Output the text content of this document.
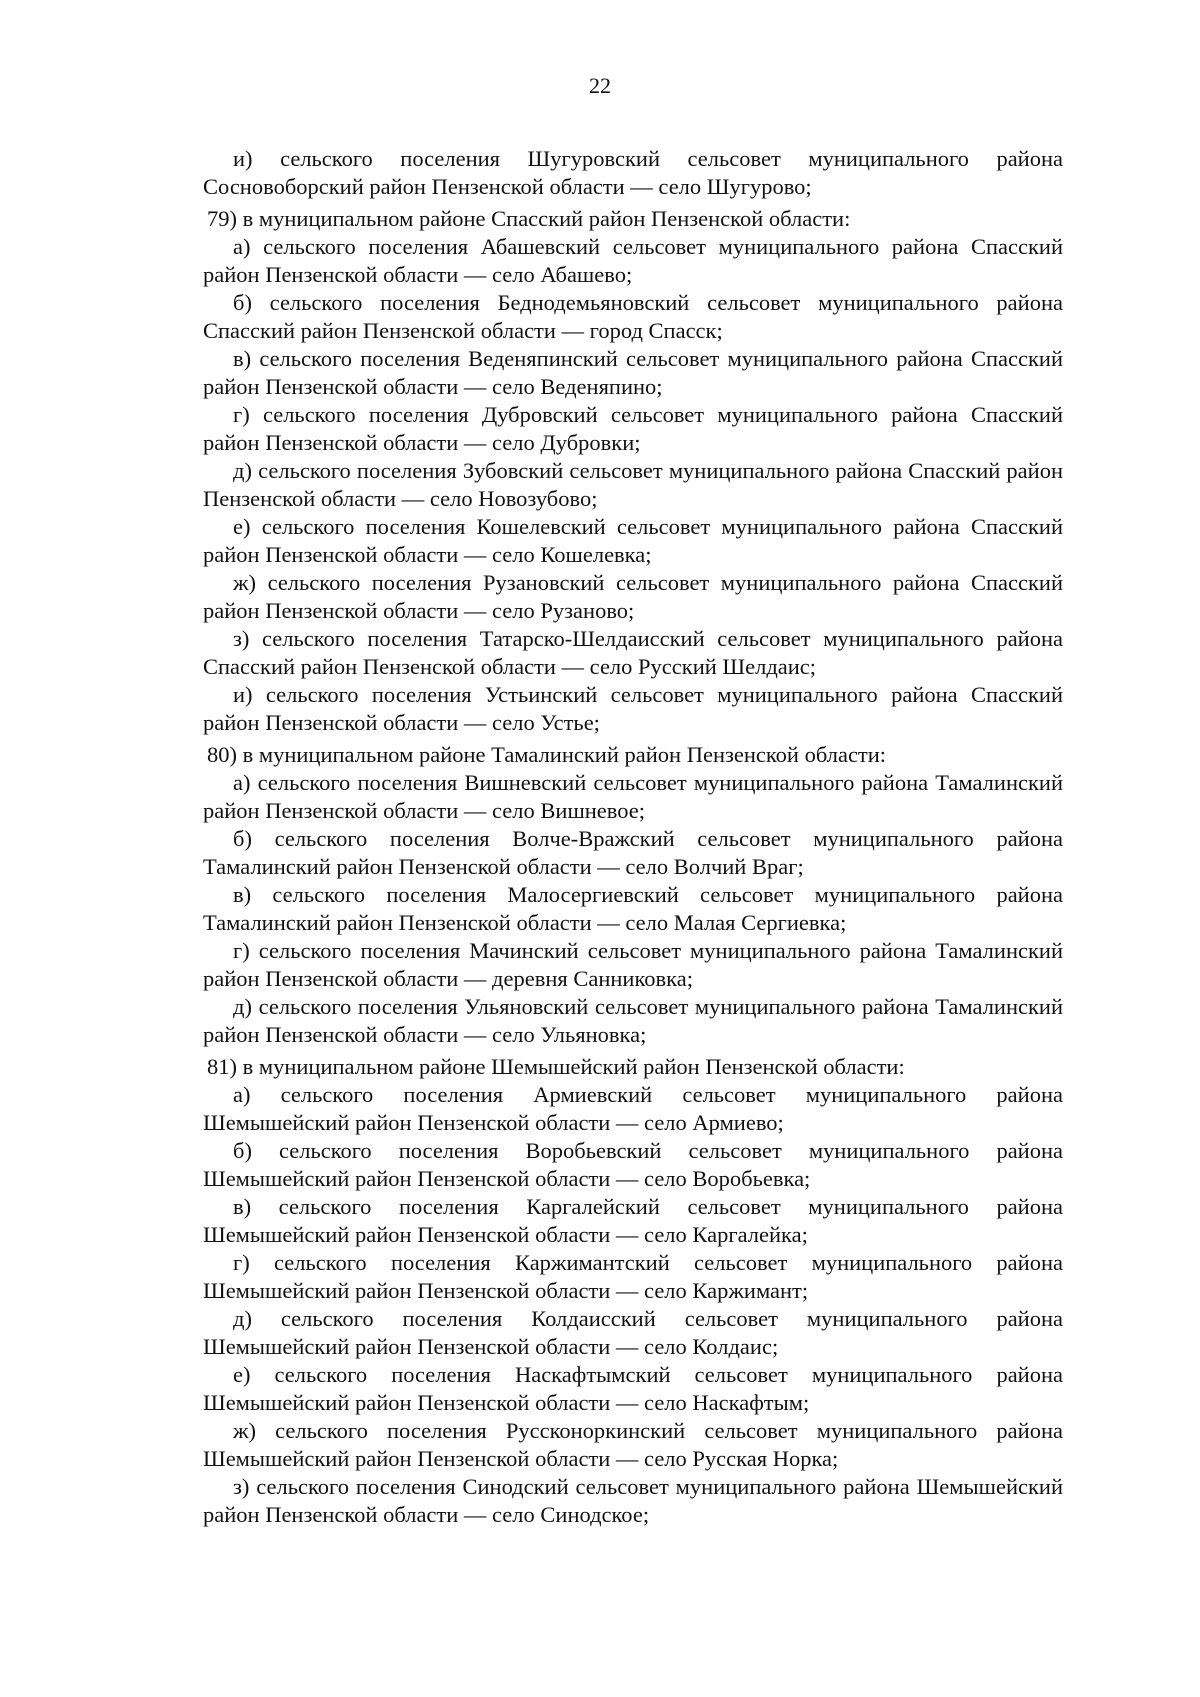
22

и) сельского поселения Шугуровский сельсовет муниципального района Сосновоборский район Пензенской области — село Шугурово;

79) в муниципальном районе Спасский район Пензенской области:

а) сельского поселения Абашевский сельсовет муниципального района Спасский район Пензенской области — село Абашево;

б) сельского поселения Беднодемьяновский сельсовет муниципального района Спасский район Пензенской области — город Спасск;

в) сельского поселения Веденяпинский сельсовет муниципального района Спасский район Пензенской области — село Веденяпино;

г) сельского поселения Дубровский сельсовет муниципального района Спасский район Пензенской области — село Дубровки;

д) сельского поселения Зубовский сельсовет муниципального района Спасский район Пензенской области — село Новозубово;

е) сельского поселения Кошелевский сельсовет муниципального района Спасский район Пензенской области — село Кошелевка;

ж) сельского поселения Рузановский сельсовет муниципального района Спасский район Пензенской области — село Рузаново;

з) сельского поселения Татарско-Шелдаисский сельсовет муниципального района Спасский район Пензенской области — село Русский Шелдаис;

и) сельского поселения Устьинский сельсовет муниципального района Спасский район Пензенской области — село Устье;

80) в муниципальном районе Тамалинский район Пензенской области:

а) сельского поселения Вишневский сельсовет муниципального района Тамалинский район Пензенской области — село Вишневое;

б) сельского поселения Волче-Вражский сельсовет муниципального района Тамалинский район Пензенской области — село Волчий Враг;

в) сельского поселения Малосергиевский сельсовет муниципального района Тамалинский район Пензенской области — село Малая Сергиевка;

г) сельского поселения Мачинский сельсовет муниципального района Тамалинский район Пензенской области — деревня Санниковка;

д) сельского поселения Ульяновский сельсовет муниципального района Тамалинский район Пензенской области — село Ульяновка;

81) в муниципальном районе Шемышейский район Пензенской области:

а) сельского поселения Армиевский сельсовет муниципального района Шемышейский район Пензенской области — село Армиево;

б) сельского поселения Воробьевский сельсовет муниципального района Шемышейский район Пензенской области — село Воробьевка;

в) сельского поселения Каргалейский сельсовет муниципального района Шемышейский район Пензенской области — село Каргалейка;

г) сельского поселения Каржимантский сельсовет муниципального района Шемышейский район Пензенской области — село Каржимант;

д) сельского поселения Колдаисский сельсовет муниципального района Шемышейский район Пензенской области — село Колдаис;

е) сельского поселения Наскафтымский сельсовет муниципального района Шемышейский район Пензенской области — село Наскафтым;

ж) сельского поселения Руссконоркинский сельсовет муниципального района Шемышейский район Пензенской области — село Русская Норка;

з) сельского поселения Синодский сельсовет муниципального района Шемышейский район Пензенской области — село Синодское;
